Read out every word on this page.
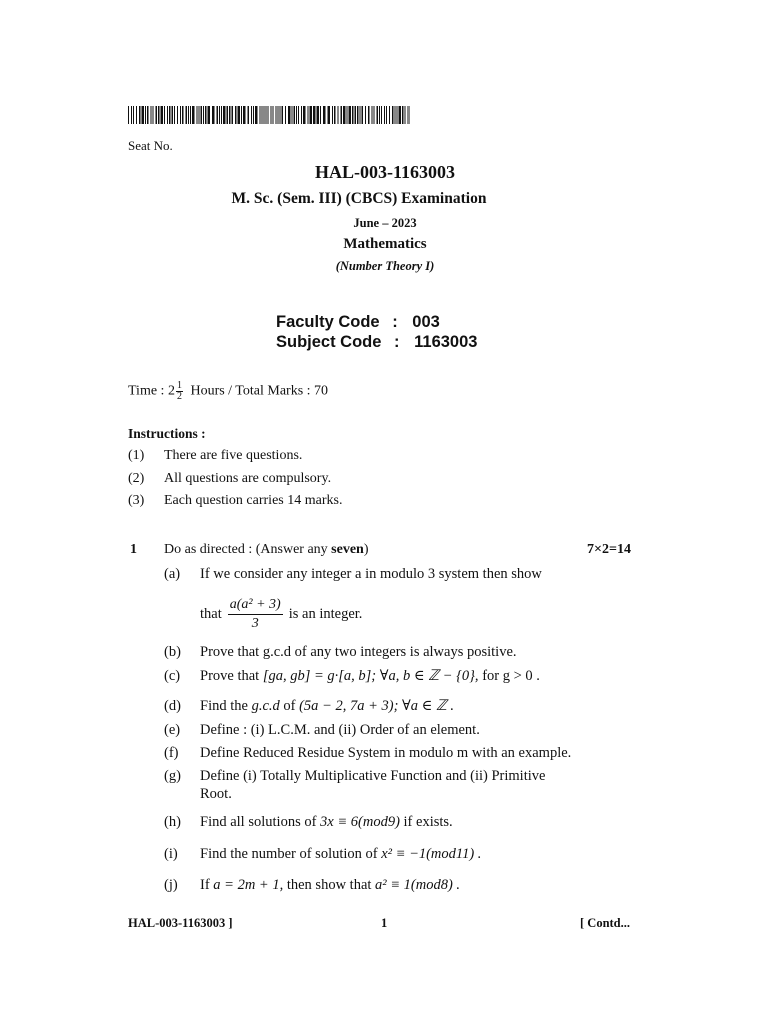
Seat No.
HAL-003-1163003
M. Sc. (Sem. III) (CBCS) Examination
June – 2023
Mathematics
(Number Theory I)
Faculty Code : 003
Subject Code : 1163003
Time : $2 \frac{1}{2}$ Hours / Total Marks : 70
Instructions :
(1) There are five questions.
(2) All questions are compulsory.
(3) Each question carries 14 marks.
1 Do as directed : (Answer any seven)	7×2=14
(a) If we consider any integer a in modulo 3 system then show
that $\frac{\text{a(a² + 3)}}{3}$ is an integer.
(b) Prove that g.c.d of any two integers is always positive.
(c) Prove that [ga, gb] = g·[a, b]; ∀a, b ∈ ℤ − {0}, for g > 0 .
(d) Find the g.c.d of (5a − 2, 7a + 3); ∀a ∈ ℤ .
(e) Define : (i) L.C.M. and (ii) Order of an element.
(f) Define Reduced Residue System in modulo m with an example.
(g) Define (i) Totally Multiplicative Function and (ii) Primitive
Root.
(h) Find all solutions of 3x ≡ 6(mod9) if exists.
(i) Find the number of solution of x² ≡ −1(mod11) .
(j) If a = 2m + 1, then show that a² ≡ 1(mod8) .
HAL-003-1163003 ]	1	[ Contd...
